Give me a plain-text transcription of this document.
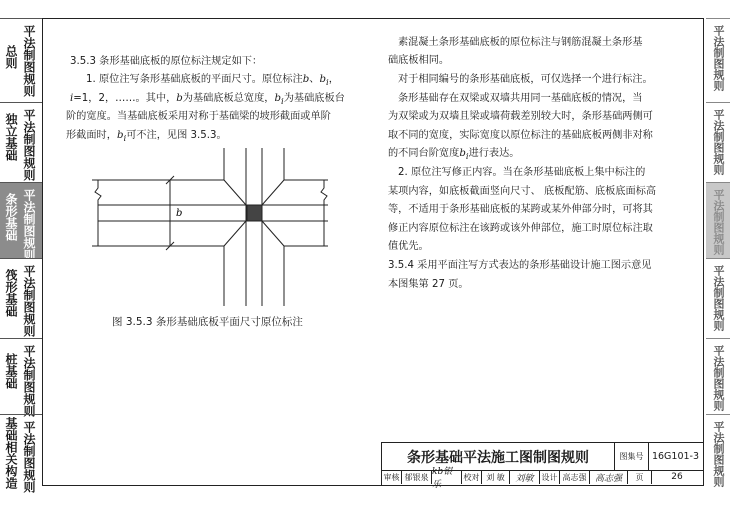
平法制图规则
总则
平法制图规则
独立基础
平法制图规则
条形基础
平法制图规则
筏形基础
平法制图规则
桩基础
平法制图规则
基础相关构造
平法制图规则
平法制图规则
平法制图规则
平法制图规则
平法制图规则
平法制图规则

3.5.3 条形基础底板的原位标注规定如下：

1. 原位注写条形基础底板的平面尺寸。原位标注b、$b_i$，

i=1，2，……。其中，b为基础底板总宽度，$b_i$为基础底板台

阶的宽度。当基础底板采用对称于基础梁的坡形截面或单阶

形截面时，$b_i$可不注，见图 3.5.3。

b

图 3.5.3 条形基础底板平面尺寸原位标注

素混凝土条形基础底板的原位标注与钢筋混凝土条形基

础底板相同。

对于相同编号的条形基础底板，可仅选择一个进行标注。

条形基础存在双梁或双墙共用同一基础底板的情况，当

为双梁或为双墙且梁或墙荷载差别较大时，条形基础两侧可

取不同的宽度，实际宽度以原位标注的基础底板两侧非对称

的不同台阶宽度$b_i$进行表达。

2. 原位注写修正内容。当在条形基础底板上集中标注的

某项内容，如底板截面竖向尺寸、 底板配筋、底板底面标高

等，不适用于条形基础底板的某跨或某外伸部分时，可将其

修正内容原位标注在该跨或该外伸部位，施工时原位标注取

值优先。

3.5.4 采用平面注写方式表达的条形基础设计施工图示意见

本图集第 27 页。

条形基础平法施工图制图规则	图集号 16G101-3
审核 郁银泉 kb银乐
校对 刘 敏 刘敏 设计 高志强 高志强 页	26
